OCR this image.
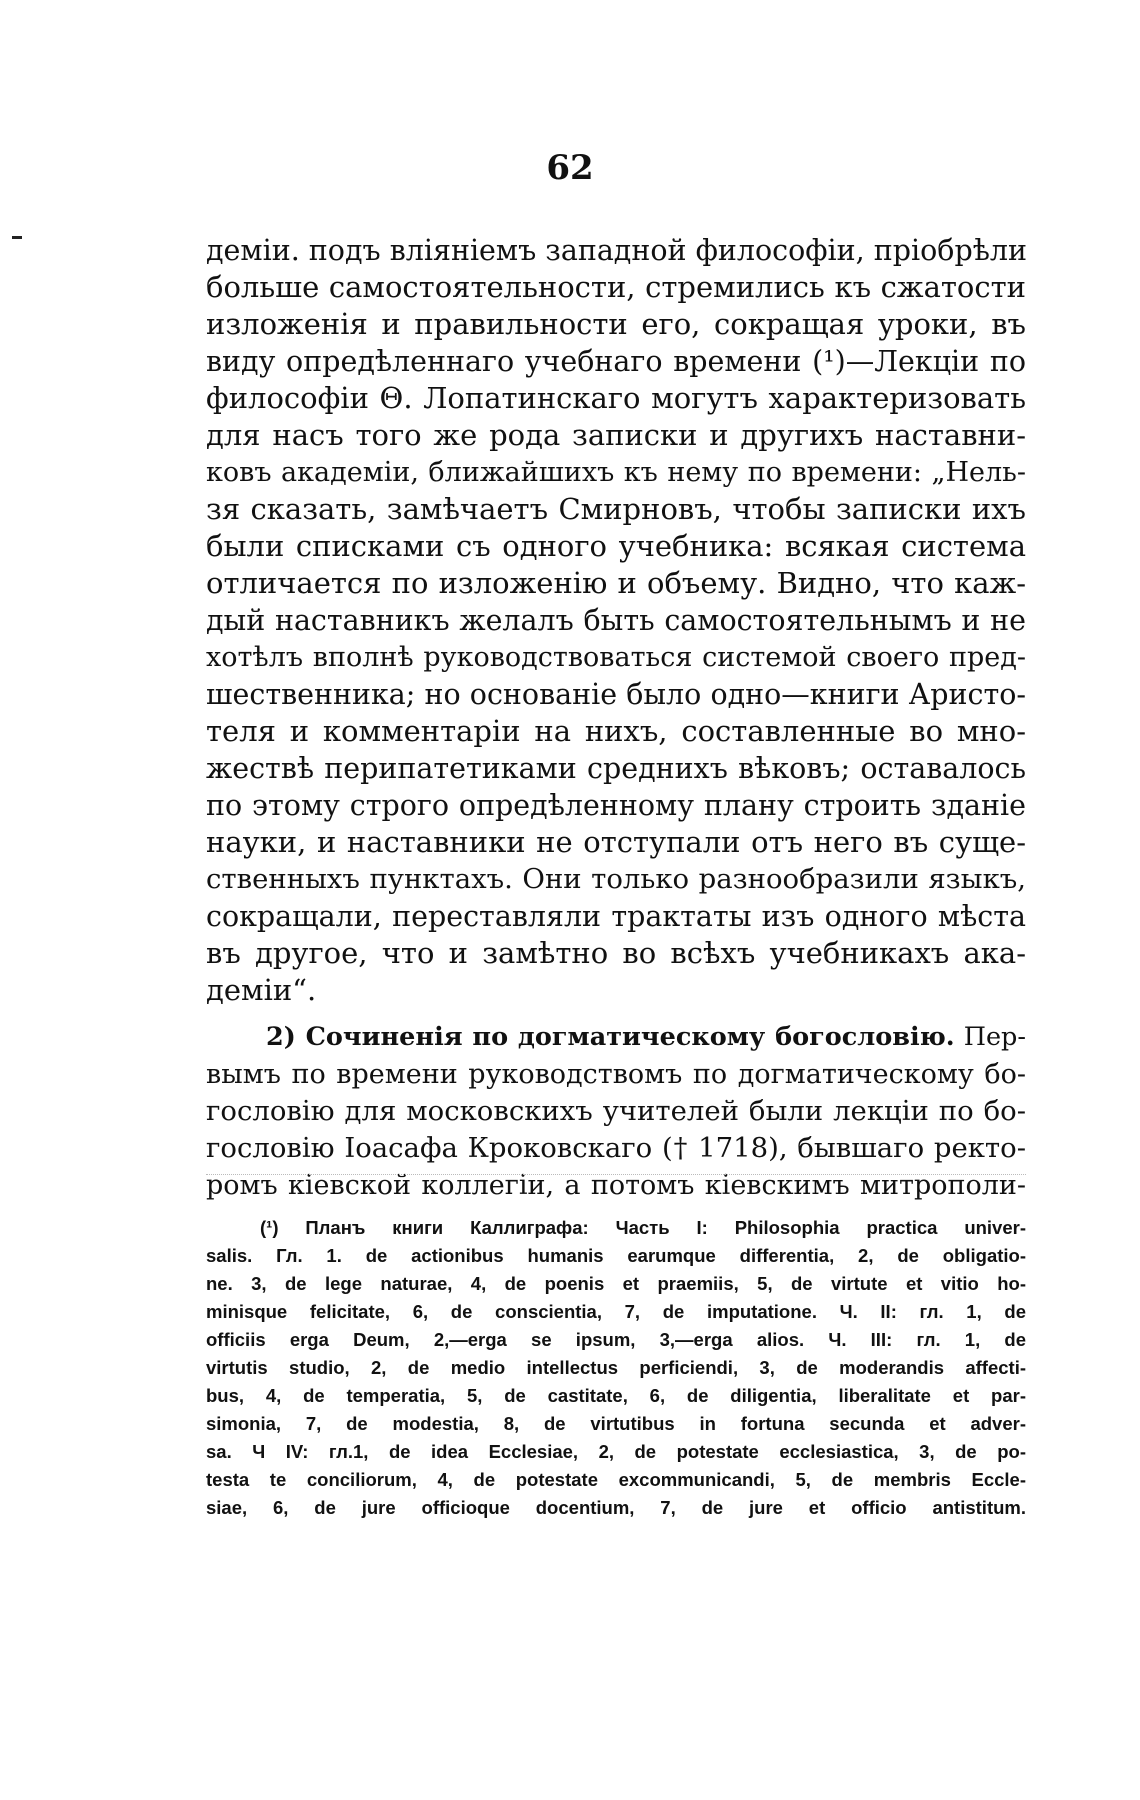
62
деміи. подъ вліяніемъ западной философіи, пріобрѣли
больше самостоятельности, стремились къ сжатости
изложенія и правильности его, сокращая уроки, въ
виду опредѣленнаго учебнаго времени (¹)—Лекціи по
философіи Θ. Лопатинскаго могутъ характеризовать
для насъ того же рода записки и другихъ наставни-
ковъ академіи, ближайшихъ къ нему по времени: „Нель-
зя сказать, замѣчаетъ Смирновъ, чтобы записки ихъ
были списками съ одного учебника: всякая система
отличается по изложенію и объему. Видно, что каж-
дый наставникъ желалъ быть самостоятельнымъ и не
хотѣлъ вполнѣ руководствоваться системой своего пред-
шественника; но основаніе было одно—книги Аристо-
теля и комментаріи на нихъ, составленные во мно-
жествѣ перипатетиками среднихъ вѣковъ; оставалось
по этому строго опредѣленному плану строить зданіе
науки, и наставники не отступали отъ него въ суще-
ственныхъ пунктахъ. Они только разнообразили языкъ,
сокращали, переставляли трактаты изъ одного мѣста
въ другое, что и замѣтно во всѣхъ учебникахъ ака-
деміи“.
2) Сочиненія по догматическому богословію. Пер-
вымъ по времени руководствомъ по догматическому бо-
гословію для московскихъ учителей были лекціи по бо-
гословію Іоасафа Кроковскаго († 1718), бывшаго ректо-
ромъ кіевской коллегіи, а потомъ кіевскимъ митрополи-
(¹) Планъ книги Каллиграфа: Часть I: Philosophia practica univer-
salis. Гл. 1. de actionibus humanis earumque differentia, 2, de obligatio-
ne. 3, de lege naturae, 4, de poenis et praemiis, 5, de virtute et vitio ho-
minisque felicitate, 6, de conscientia, 7, de imputatione. Ч. II: гл. 1, de
officiis erga Deum, 2,—erga se ipsum, 3,—erga alios. Ч. III: гл. 1, de
virtutis studio, 2, de medio intellectus perficiendi, 3, de moderandis affecti-
bus, 4, de temperatia, 5, de castitate, 6, de diligentia, liberalitate et par-
simonia, 7, de modestia, 8, de virtutibus in fortuna secunda et adver-
sa. Ч IV: гл.1, de idea Ecclesiae, 2, de potestate ecclesiastica, 3, de po-
testa te conciliorum, 4, de potestate excommunicandi, 5, de membris Eccle-
siae, 6, de jure officioque docentium, 7, de jure et officio antistitum.
